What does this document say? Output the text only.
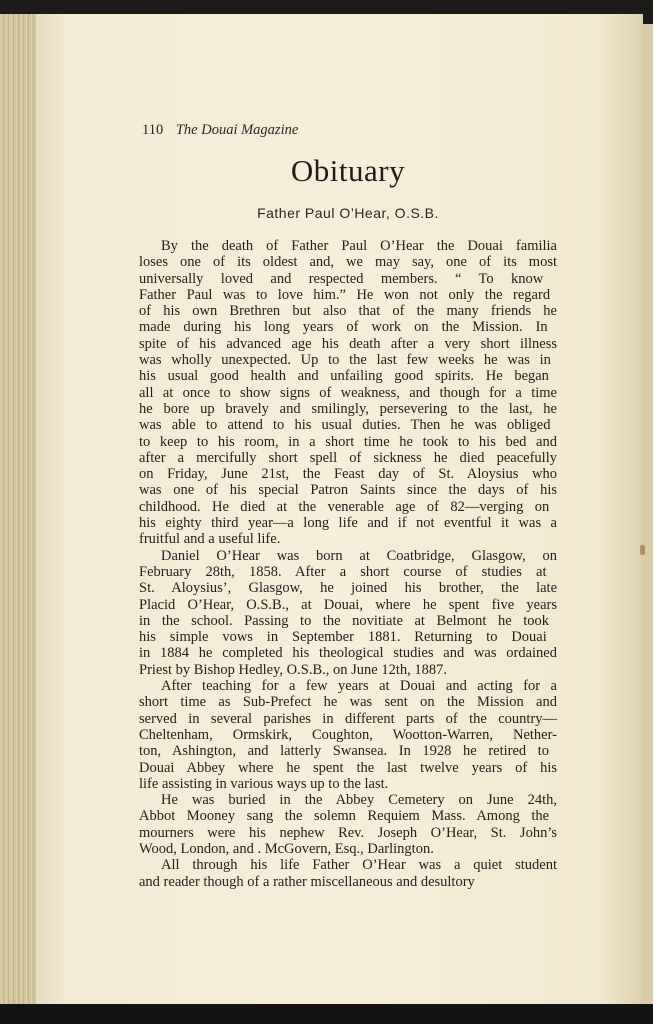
110 The Douai Magazine
Obituary
Father Paul O’Hear, O.S.B.
By the death of Father Paul O’Hear the Douai familia
loses one of its oldest and, we may say, one of its most
universally loved and respected members. “ To know
Father Paul was to love him.” He won not only the regard
of his own Brethren but also that of the many friends he
made during his long years of work on the Mission. In
spite of his advanced age his death after a very short illness
was wholly unexpected. Up to the last few weeks he was in
his usual good health and unfailing good spirits. He began
all at once to show signs of weakness, and though for a time
he bore up bravely and smilingly, persevering to the last, he
was able to attend to his usual duties. Then he was obliged
to keep to his room, in a short time he took to his bed and
after a mercifully short spell of sickness he died peacefully
on Friday, June 21st, the Feast day of St. Aloysius who
was one of his special Patron Saints since the days of his
childhood. He died at the venerable age of 82—verging on
his eighty third year—a long life and if not eventful it was a
fruitful and a useful life.
Daniel O’Hear was born at Coatbridge, Glasgow, on
February 28th, 1858. After a short course of studies at
St. Aloysius’, Glasgow, he joined his brother, the late
Placid O’Hear, O.S.B., at Douai, where he spent five years
in the school. Passing to the novitiate at Belmont he took
his simple vows in September 1881. Returning to Douai
in 1884 he completed his theological studies and was ordained
Priest by Bishop Hedley, O.S.B., on June 12th, 1887.
After teaching for a few years at Douai and acting for a
short time as Sub-Prefect he was sent on the Mission and
served in several parishes in different parts of the country—
Cheltenham, Ormskirk, Coughton, Wootton-Warren, Nether-
ton, Ashington, and latterly Swansea. In 1928 he retired to
Douai Abbey where he spent the last twelve years of his
life assisting in various ways up to the last.
He was buried in the Abbey Cemetery on June 24th,
Abbot Mooney sang the solemn Requiem Mass. Among the
mourners were his nephew Rev. Joseph O’Hear, St. John’s
Wood, London, and . McGovern, Esq., Darlington.
All through his life Father O’Hear was a quiet student
and reader though of a rather miscellaneous and desultory
